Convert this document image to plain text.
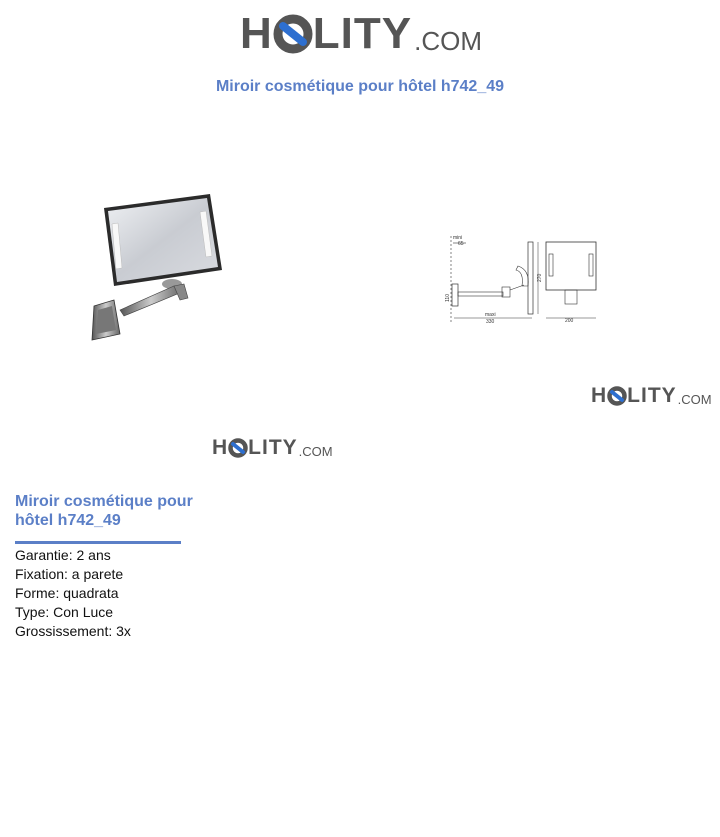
H LITY .COM
Miroir cosmétique pour hôtel h742_49
mini
65
110
270
maxi
330	200
H LITY .COM
H LITY .COM
Miroir cosmétique pour hôtel h742_49
Garantie: 2 ans
Fixation: a parete
Forme: quadrata
Type: Con Luce
Grossissement: 3x
